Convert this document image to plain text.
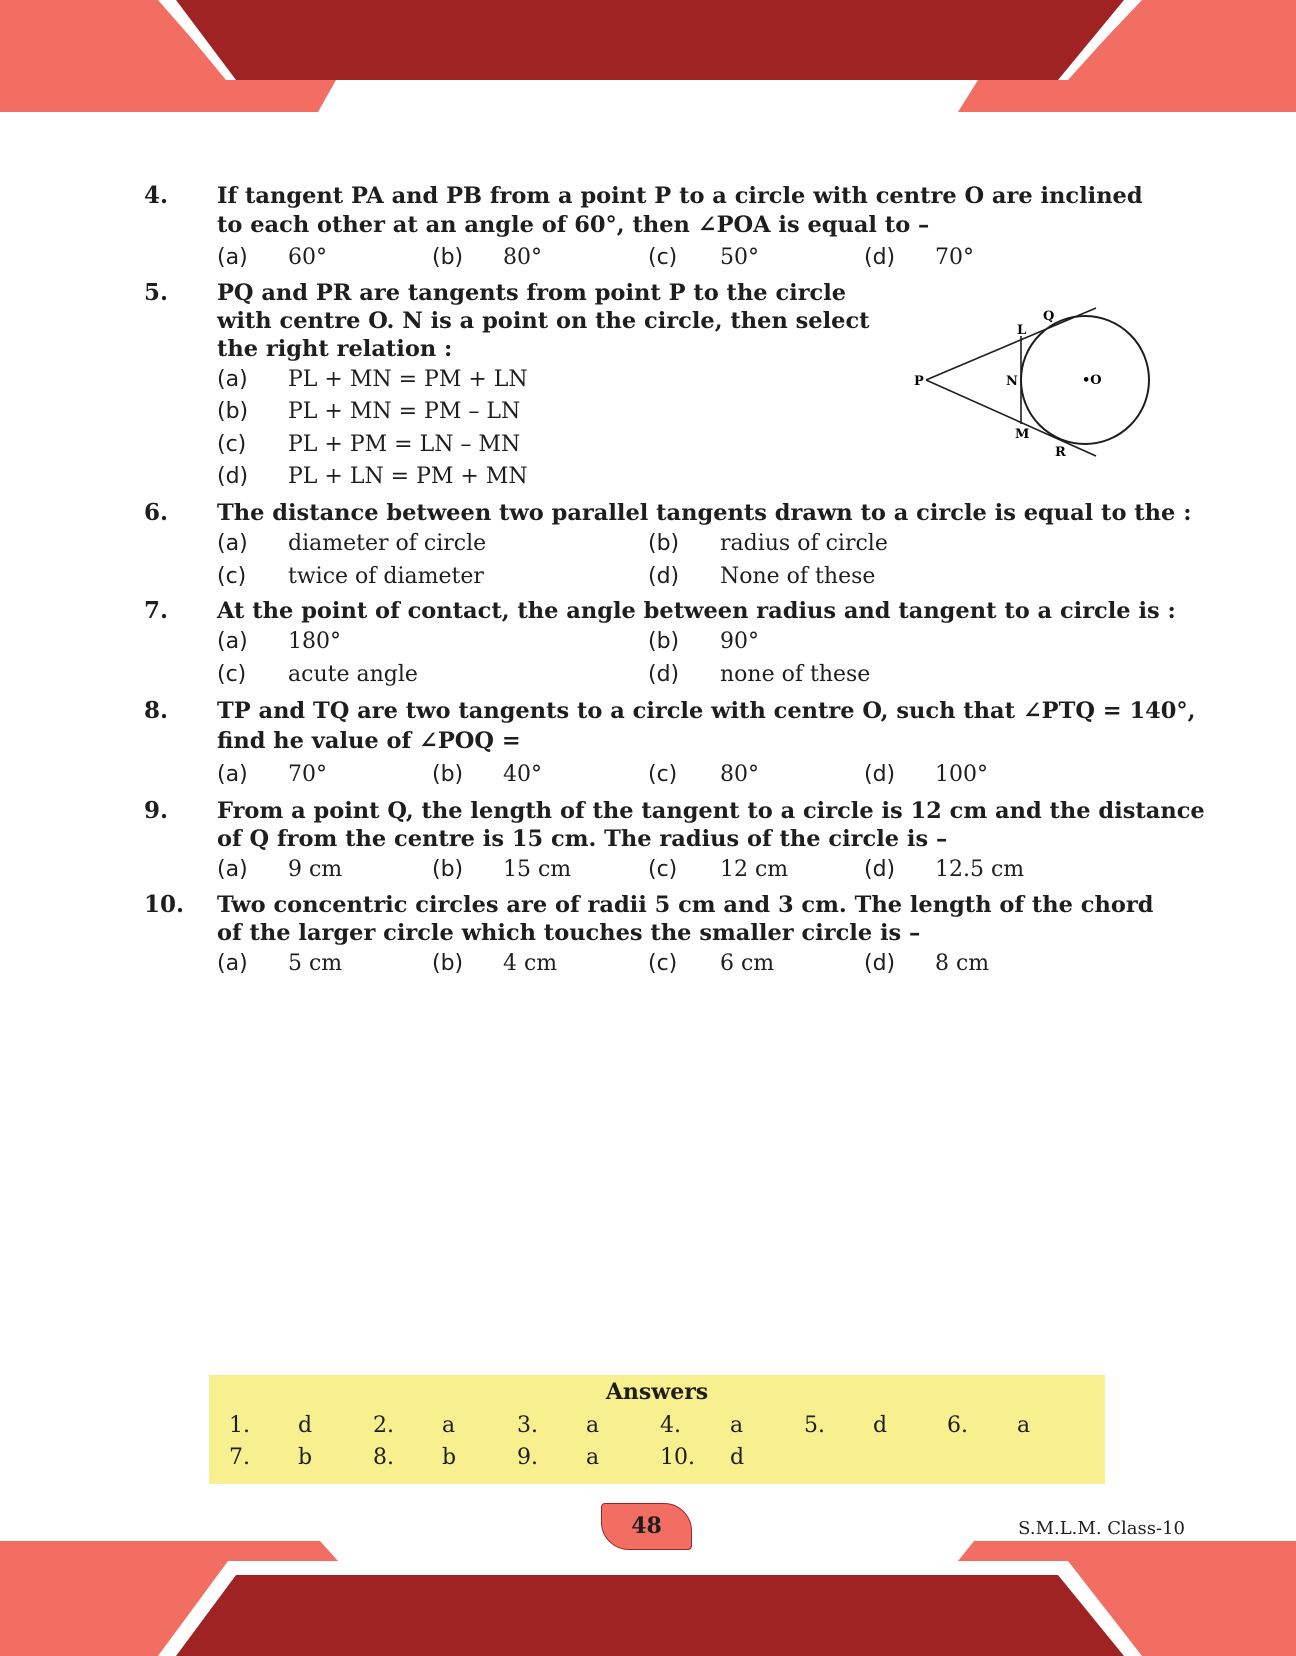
4. If tangent PA and PB from a point P to a circle with centre O are inclined
to each other at an angle of 60°, then ∠POA is equal to –
(a) 60°	(b) 80°	(c) 50°	(d) 70°
5. PQ and PR are tangents from point P to the circle
with centre O. N is a point on the circle, then select
the right relation :
(a) PL + MN = PM + LN
(b) PL + MN = PM – LN
(c) PL + PM = LN – MN
(d) PL + LN = PM + MN
6. The distance between two parallel tangents drawn to a circle is equal to the :
(a) diameter of circle	(b) radius of circle
(c) twice of diameter	(d) None of these
7. At the point of contact, the angle between radius and tangent to a circle is :
(a) 180°	(b) 90°
(c) acute angle	(d) none of these
8. TP and TQ are two tangents to a circle with centre O, such that ∠PTQ = 140°,
find he value of ∠POQ =
(a) 70°	(b) 40°	(c) 80°	(d) 100°
9. From a point Q, the length of the tangent to a circle is 12 cm and the distance
of Q from the centre is 15 cm. The radius of the circle is –
(a) 9 cm	(b) 15 cm	(c) 12 cm	(d) 12.5 cm
10. Two concentric circles are of radii 5 cm and 3 cm. The length of the chord
of the larger circle which touches the smaller circle is –
(a) 5 cm	(b) 4 cm	(c) 6 cm	(d) 8 cm
P
Q
L
N	•O
M
R
Answers
1. d	2. a	3. a	4. a	5. d	6. a
7. b	8. b	9. a	10. d
48	S.M.L.M. Class-10
